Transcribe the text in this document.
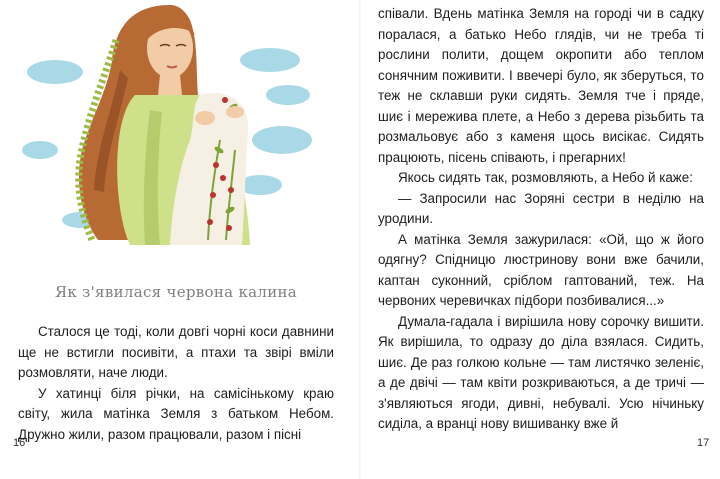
Як з'явилася червона калина

Сталося це тоді, коли довгі чорні коси давнини ще не встигли посивіти, а птахи та звірі вміли розмовляти, наче люди.

У хатинці біля річки, на самісінькому краю світу, жила матінка Земля з батьком Небом. Дружно жили, разом працювали, разом і пісні

16

співали. Вдень матінка Земля на городі чи в садку поралася, а батько Небо глядів, чи не треба ті рослини полити, дощем окропити або теплом сонячним поживити. І ввечері було, як зберуться, то теж не склавши руки сидять. Земля тче і пряде, шиє і мережива плете, а Небо з дерева різьбить та розмальовує або з каменя щось висікає. Сидять працюють, пісень співають, і прегарних!

Якось сидять так, розмовляють, а Небо й каже:

— Запросили нас Зоряні сестри в неділю на уродини.

А матінка Земля зажурилася: «Ой, що ж його одягну? Спідницю люстринову вони вже бачили, каптан суконний, сріблом гаптований, теж. На червоних черевичках підбори позбивалися...»

Думала-гадала і вирішила нову сорочку вишити. Як вирішила, то одразу до діла взялася. Сидить, шиє. Де раз голкою кольне — там листячко зеленіє, а де двічі — там квіти розкриваються, а де тричі — з'являються ягоди, дивні, небувалі. Усю нічиньку сиділа, а вранці нову вишиванку вже й

17
